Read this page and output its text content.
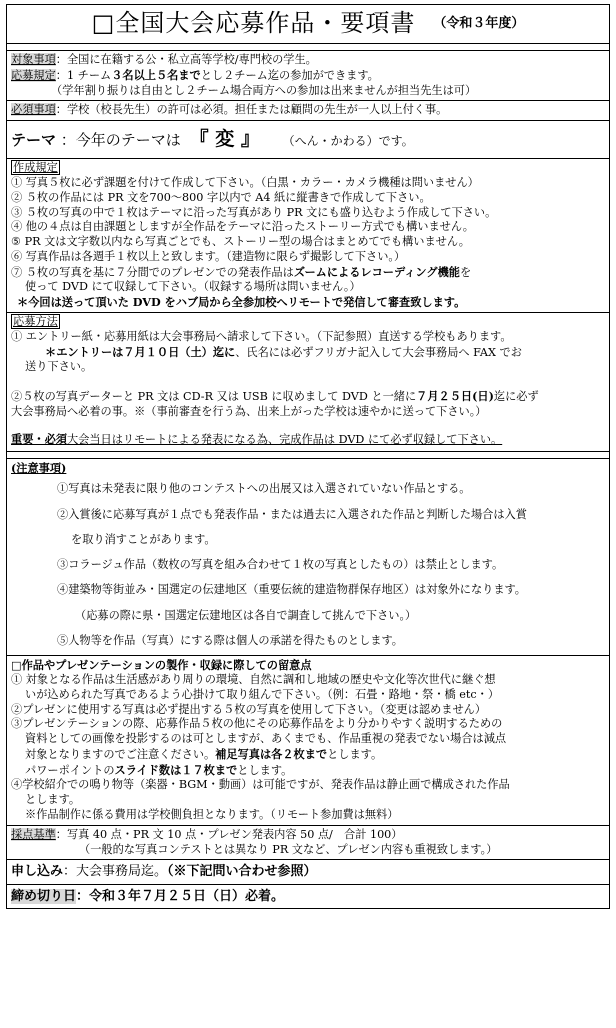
□全国大会応募作品・要項書 （令和３年度）
対象事項：全国に在籍する公・私立高等学校/専門校の学生。
応募規定：1 チーム３名以上５名までとし２チーム迄の参加ができます。
（学年割り振りは自由とし２チーム場合両方への参加は出来ませんが担当先生は可）
必須事項：学校（校長先生）の許可は必須。担任または顧問の先生が一人以上付く事。
テーマ ：今年のテーマは 『 変 』 （へん・かわる）です。
作成規定
① 写真５枚に必ず課題を付けて作成して下さい。（白黒・カラー・カメラ機種は問いません）
② ５枚の作品には PR 文を700〜800 字以内で A4 紙に縦書きで作成して下さい。
③ ５枚の写真の中で１枚はテーマに沿った写真があり PR 文にも盛り込むよう作成して下さい。
④ 他の４点は自由課題としますが全作品をテーマに沿ったストーリー方式でも構いません。
⑤ PR 文は文字数以内なら写真ごとでも、ストーリー型の場合はまとめてでも構いません。
⑥ 写真作品は各週手１枚以上と致します。（建造物に限らず撮影して下さい。）
⑦ ５枚の写真を基に７分間でのプレゼンでの発表作品はズームによるレコーディング機能を
使って DVD にて収録して下さい。（収録する場所は問いません。）
＊今回は送って頂いた DVD をハブ局から全参加校へリモートで発信して審査致します。
応募方法
① エントリー紙・応募用紙は大会事務局へ請求して下さい。（下記参照）直送する学校もあります。
＊エントリーは７月１０日（土）迄に、氏名には必ずフリガナ記入して大会事務局へ FAX でお
送り下さい。
②５枚の写真データーと PR 文は CD-R 又は USB に収めまして DVD と一緒に７月２５日(日)迄に必ず
大会事務局へ必着の事。※（事前審査を行う為、出来上がった学校は速やかに送って下さい。）
重要・必須大会当日はリモートによる発表になる為、完成作品は DVD にて必ず収録して下さい。
(注意事項)

①写真は未発表に限り他のコンテストへの出展又は入選されていない作品とする。

②入賞後に応募写真が１点でも発表作品・または過去に入選された作品と判断した場合は入賞

を取り消すことがあります。

③コラージュ作品（数枚の写真を組み合わせて１枚の写真としたもの）は禁止とします。

④建築物等街並み・国選定の伝建地区（重要伝統的建造物群保存地区）は対象外になります。

（応募の際に県・国選定伝建地区は各自で調査して挑んで下さい。）

⑤人物等を作品（写真）にする際は個人の承諾を得たものとします。

□作品やプレゼンテーションの製作・収録に際しての留意点
① 対象となる作品は生活感があり周りの環境、自然に調和し地域の歴史や文化等次世代に継ぐ想
いが込められた写真であるよう心掛けて取り組んで下さい。（例：石畳・路地・祭・橋 etc・）
②プレゼンに使用する写真は必ず提出する５枚の写真を使用して下さい。（変更は認めません）
③プレゼンテーションの際、応募作品５枚の他にその応募作品をより分かりやすく説明するための
資料としての画像を投影するのは可としますが、あくまでも、作品重視の発表でない場合は減点
対象となりますのでご注意ください。補足写真は各２枚までとします。
パワーポイントのスライド数は１７枚までとします。
④学校紹介での鳴り物等（楽器・BGM・動画）は可能ですが、発表作品は静止画で構成された作品
とします。
※作品制作に係る費用は学校側負担となります。（リモート参加費は無料）
採点基準：写真 40 点・PR 文 10 点・プレゼン発表内容 50 点/　合計 100）
（一般的な写真コンテストとは異なり PR 文など、プレゼン内容も重視致します。）
申し込み：大会事務局迄。（※下記問い合わせ参照）
締め切り日：令和３年７月２５日（日）必着。
